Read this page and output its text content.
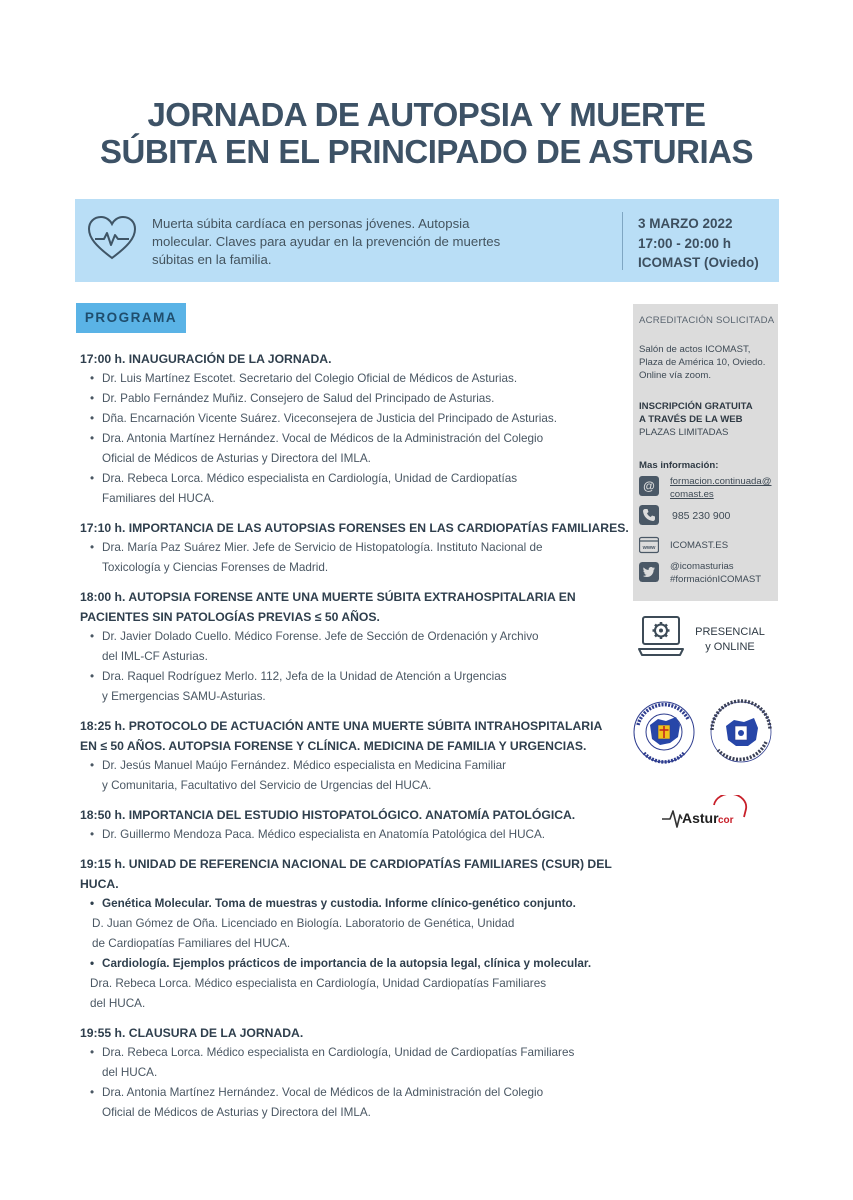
JORNADA DE AUTOPSIA Y MUERTE
SÚBITA EN EL PRINCIPADO DE ASTURIAS
Muerta súbita cardíaca en personas jóvenes. Autopsia
molecular. Claves para ayudar en la prevención de muertes
súbitas en la familia.
3 MARZO 2022
17:00 - 20:00 h
ICOMAST (Oviedo)
PROGRAMA
17:00 h. INAUGURACIÓN DE LA JORNADA.
• Dr. Luis Martínez Escotet. Secretario del Colegio Oficial de Médicos de Asturias.
• Dr. Pablo Fernández Muñiz. Consejero de Salud del Principado de Asturias.
• Dña. Encarnación Vicente Suárez. Viceconsejera de Justicia del Principado de Asturias.
• Dra. Antonia Martínez Hernández. Vocal de Médicos de la Administración del Colegio
Oficial de Médicos de Asturias y Directora del IMLA.
• Dra. Rebeca Lorca. Médico especialista en Cardiología, Unidad de Cardiopatías
Familiares del HUCA.
17:10 h. IMPORTANCIA DE LAS AUTOPSIAS FORENSES EN LAS CARDIOPATÍAS FAMILIARES.
• Dra. María Paz Suárez Mier. Jefe de Servicio de Histopatología. Instituto Nacional de
Toxicología y Ciencias Forenses de Madrid.
18:00 h. AUTOPSIA FORENSE ANTE UNA MUERTE SÚBITA EXTRAHOSPITALARIA EN
PACIENTES SIN PATOLOGÍAS PREVIAS ≤ 50 AÑOS.
• Dr. Javier Dolado Cuello. Médico Forense. Jefe de Sección de Ordenación y Archivo
del IML-CF Asturias.
• Dra. Raquel Rodríguez Merlo. 112, Jefa de la Unidad de Atención a Urgencias
y Emergencias SAMU-Asturias.
18:25 h. PROTOCOLO DE ACTUACIÓN ANTE UNA MUERTE SÚBITA INTRAHOSPITALARIA
EN ≤ 50 AÑOS. AUTOPSIA FORENSE Y CLÍNICA. MEDICINA DE FAMILIA Y URGENCIAS.
• Dr. Jesús Manuel Maújo Fernández. Médico especialista en Medicina Familiar
y Comunitaria, Facultativo del Servicio de Urgencias del HUCA.
18:50 h. IMPORTANCIA DEL ESTUDIO HISTOPATOLÓGICO. ANATOMÍA PATOLÓGICA.
• Dr. Guillermo Mendoza Paca. Médico especialista en Anatomía Patológica del HUCA.
19:15 h. UNIDAD DE REFERENCIA NACIONAL DE CARDIOPATÍAS FAMILIARES (CSUR) DEL
HUCA.
• Genética Molecular. Toma de muestras y custodia. Informe clínico-genético conjunto.
D. Juan Gómez de Oña. Licenciado en Biología. Laboratorio de Genética, Unidad
de Cardiopatías Familiares del HUCA.
• Cardiología. Ejemplos prácticos de importancia de la autopsia legal, clínica y molecular.
Dra. Rebeca Lorca. Médico especialista en Cardiología, Unidad Cardiopatías Familiares
del HUCA.
19:55 h. CLAUSURA DE LA JORNADA.
• Dra. Rebeca Lorca. Médico especialista en Cardiología, Unidad de Cardiopatías Familiares
del HUCA.
• Dra. Antonia Martínez Hernández. Vocal de Médicos de la Administración del Colegio
Oficial de Médicos de Asturias y Directora del IMLA.
ACREDITACIÓN SOLICITADA
Salón de actos ICOMAST,
Plaza de América 10, Oviedo.
Online vía zoom.
INSCRIPCIÓN GRATUITA
A TRAVÉS DE LA WEB
PLAZAS LIMITADAS
Mas información:
@	formacion.continuada@
comast.es
985 230 900
www ICOMAST.ES
@icomasturias
#formaciónICOMAST
PRESENCIAL
y ONLINE
Astur cor
